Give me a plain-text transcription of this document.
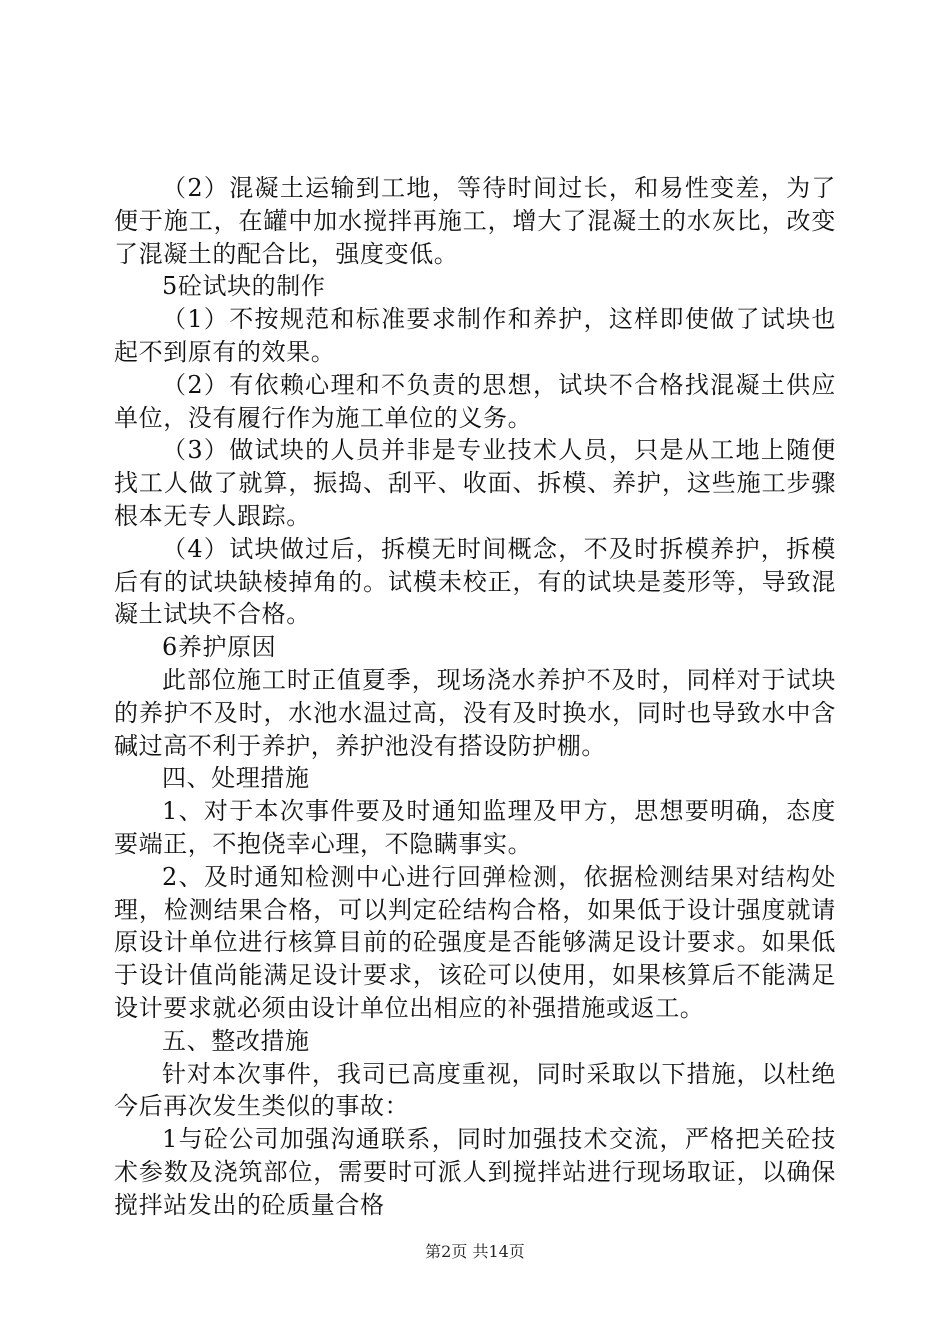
（2）混凝土运输到工地，等待时间过长，和易性变差，为了便于施工，在罐中加水搅拌再施工，增大了混凝土的水灰比，改变了混凝土的配合比，强度变低。

5砼试块的制作

（1）不按规范和标准要求制作和养护，这样即使做了试块也起不到原有的效果。

（2）有依赖心理和不负责的思想，试块不合格找混凝土供应单位，没有履行作为施工单位的义务。

（3）做试块的人员并非是专业技术人员，只是从工地上随便找工人做了就算，振捣、刮平、收面、拆模、养护，这些施工步骤根本无专人跟踪。

（4）试块做过后，拆模无时间概念，不及时拆模养护，拆模后有的试块缺棱掉角的。试模未校正，有的试块是菱形等，导致混凝土试块不合格。

6养护原因

此部位施工时正值夏季，现场浇水养护不及时，同样对于试块的养护不及时，水池水温过高，没有及时换水，同时也导致水中含碱过高不利于养护，养护池没有搭设防护棚。

四、处理措施

1、对于本次事件要及时通知监理及甲方，思想要明确，态度要端正，不抱侥幸心理，不隐瞒事实。

2、及时通知检测中心进行回弹检测，依据检测结果对结构处理，检测结果合格，可以判定砼结构合格，如果低于设计强度就请原设计单位进行核算目前的砼强度是否能够满足设计要求。如果低于设计值尚能满足设计要求，该砼可以使用，如果核算后不能满足设计要求就必须由设计单位出相应的补强措施或返工。

五、整改措施

针对本次事件，我司已高度重视，同时采取以下措施，以杜绝今后再次发生类似的事故：

1与砼公司加强沟通联系，同时加强技术交流，严格把关砼技术参数及浇筑部位，需要时可派人到搅拌站进行现场取证，以确保搅拌站发出的砼质量合格

第2页 共14页
